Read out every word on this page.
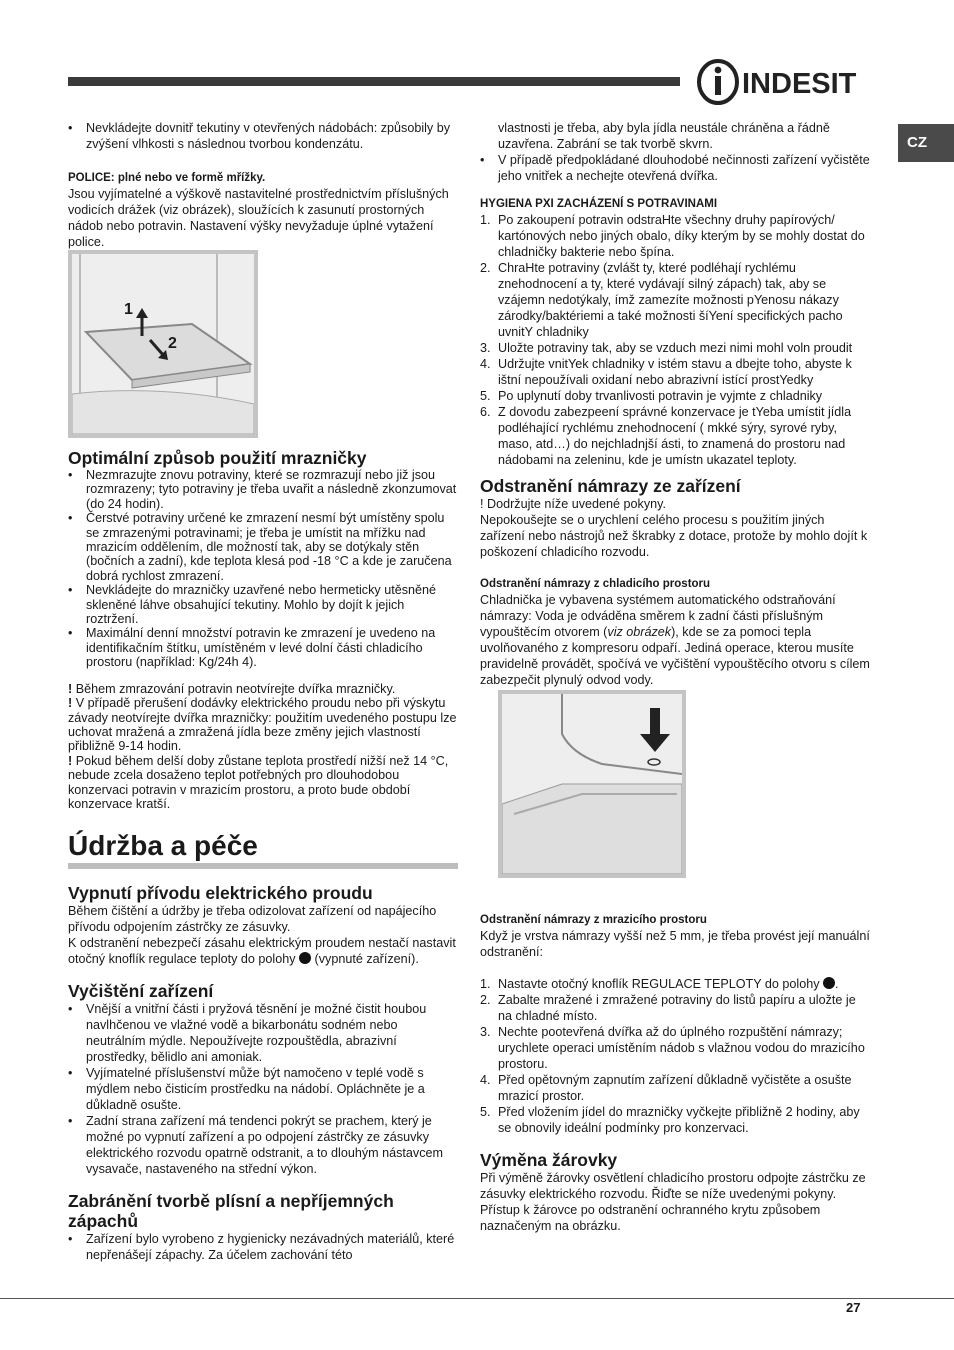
INDESIT
CZ
• Nevkládejte dovnitř tekutiny v otevřených nádobách: způsobily by zvýšení vlhkosti s následnou tvorbou kondenzátu.

POLICE: plné nebo ve formě mřížky.

Jsou vyjímatelné a výškově nastavitelné prostřednictvím příslušných vodicích drážek (viz obrázek), sloužících k zasunutí prostorných nádob nebo potravin. Nastavení výšky nevyžaduje úplné vytažení police.

1
2
Optimální způsob použití mrazničky
• Nezmrazujte znovu potraviny, které se rozmrazují nebo již jsou rozmrazeny; tyto potraviny je třeba uvařit a následně zkonzumovat (do 24 hodin).
• Čerstvé potraviny určené ke zmrazení nesmí být umístěny spolu se zmrazenými potravinami; je třeba je umístit na mřížku nad mrazicím oddělením, dle možností tak, aby se dotýkaly stěn (bočních a zadní), kde teplota klesá pod -18 °C a kde je zaručena dobrá rychlost zmrazení.
• Nevkládejte do mrazničky uzavřené nebo hermeticky utěsněné skleněné láhve obsahující tekutiny. Mohlo by dojít k jejich roztržení.
• Maximální denní množství potravin ke zmrazení je uvedeno na identifikačním štítku, umístěném v levé dolní části chladicího prostoru (například: Kg/24h 4).

! Během zmrazování potravin neotvírejte dvířka mrazničky.

! V případě přerušení dodávky elektrického proudu nebo při výskytu závady neotvírejte dvířka mrazničky: použitím uvedeného postupu lze uchovat mražená a zmražená jídla beze změny jejich vlastností přibližně 9-14 hodin.

! Pokud během delší doby zůstane teplota prostředí nižší než 14 °C, nebude zcela dosaženo teplot potřebných pro dlouhodobou konzervaci potravin v mrazicím prostoru, a proto bude období konzervace kratší.

Údržba a péče
Vypnutí přívodu elektrického proudu

Během čištění a údržby je třeba odizolovat zařízení od napájecího přívodu odpojením zástrčky ze zásuvky.

K odstranění nebezpečí zásahu elektrickým proudem nestačí nastavit otočný knoflík regulace teploty do polohy (vypnuté zařízení).

Vyčištění zařízení
• Vnější a vnitřní části i pryžová těsnění je možné čistit houbou navlhčenou ve vlažné vodě a bikarbonátu sodném nebo neutrálním mýdle. Nepoužívejte rozpouštědla, abrazivní prostředky, bělidlo ani amoniak.
• Vyjímatelné příslušenství může být namočeno v teplé vodě s mýdlem nebo čisticím prostředku na nádobí. Opláchněte je a důkladně osušte.
• Zadní strana zařízení má tendenci pokrýt se prachem, který je možné po vypnutí zařízení a po odpojení zástrčky ze zásuvky elektrického rozvodu opatrně odstranit, a to dlouhým nástavcem vysavače, nastaveného na střední výkon.
Zabránění tvorbě plísní a nepříjemných zápachů
• Zařízení bylo vyrobeno z hygienicky nezávadných materiálů, které nepřenášejí zápachy. Za účelem zachování této

vlastnosti je třeba, aby byla jídla neustále chráněna a řádně uzavřena. Zabrání se tak tvorbě skvrn.

• V případě předpokládané dlouhodobé nečinnosti zařízení vyčistěte jeho vnitřek a nechejte otevřená dvířka.

HYGIENA PXI ZACHÁZENÍ S POTRAVINAMI

1. Po zakoupení potravin odstraHte všechny druhy papírových/ kartónových nebo jiných obalo, díky kterým by se mohly dostat do chladničky bakterie nebo špína.
2. ChraHte potraviny (zvlášt ty, které podléhají rychlému znehodnocení a ty, které vydávají silný zápach) tak, aby se vzájemn nedotýkaly, ímž zamezíte možnosti pYenosu nákazy zárodky/baktériemi a také možnosti šíYení specifických pacho uvnitY chladniky
3. Uložte potraviny tak, aby se vzduch mezi nimi mohl voln proudit
4. Udržujte vnitYek chladniky v istém stavu a dbejte toho, abyste k ištní nepoužívali oxidaní nebo abrazivní istící prostYedky
5. Po uplynutí doby trvanlivosti potravin je vyjmte z chladniky
6. Z dovodu zabezpeení správné konzervace je tYeba umístit jídla podléhající rychlému znehodnocení ( mkké sýry, syrové ryby, maso, atd…) do nejchladnjší ásti, to znamená do prostoru nad nádobami na zeleninu, kde je umístn ukazatel teploty.
Odstranění námrazy ze zařízení

! Dodržujte níže uvedené pokyny.

Nepokoušejte se o urychlení celého procesu s použitím jiných zařízení nebo nástrojů než škrabky z dotace, protože by mohlo dojít k poškození chladicího rozvodu.

Odstranění námrazy z chladicího prostoru

Chladnička je vybavena systémem automatického odstraňování námrazy: Voda je odváděna směrem k zadní části příslušným vypouštěcím otvorem (viz obrázek), kde se za pomoci tepla uvolňovaného z kompresoru odpaří. Jediná operace, kterou musíte pravidelně provádět, spočívá ve vyčištění vypouštěcího otvoru s cílem zabezpečit plynulý odvod vody.

Odstranění námrazy z mrazicího prostoru

Když je vrstva námrazy vyšší než 5 mm, je třeba provést její manuální odstranění:

1. Nastavte otočný knoflík REGULACE TEPLOTY do polohy .
2. Zabalte mražené i zmražené potraviny do listů papíru a uložte je na chladné místo.
3. Nechte pootevřená dvířka až do úplného rozpuštění námrazy; urychlete operaci umístěním nádob s vlažnou vodou do mrazicího prostoru.
4. Před opětovným zapnutím zařízení důkladně vyčistěte a osušte mrazicí prostor.
5. Před vložením jídel do mrazničky vyčkejte přibližně 2 hodiny, aby se obnovily ideální podmínky pro konzervaci.
Výměna žárovky

Při výměně žárovky osvětlení chladicího prostoru odpojte zástrčku ze zásuvky elektrického rozvodu. Řiďte se níže uvedenými pokyny. Přístup k žárovce po odstranění ochranného krytu způsobem naznačeným na obrázku.

27
